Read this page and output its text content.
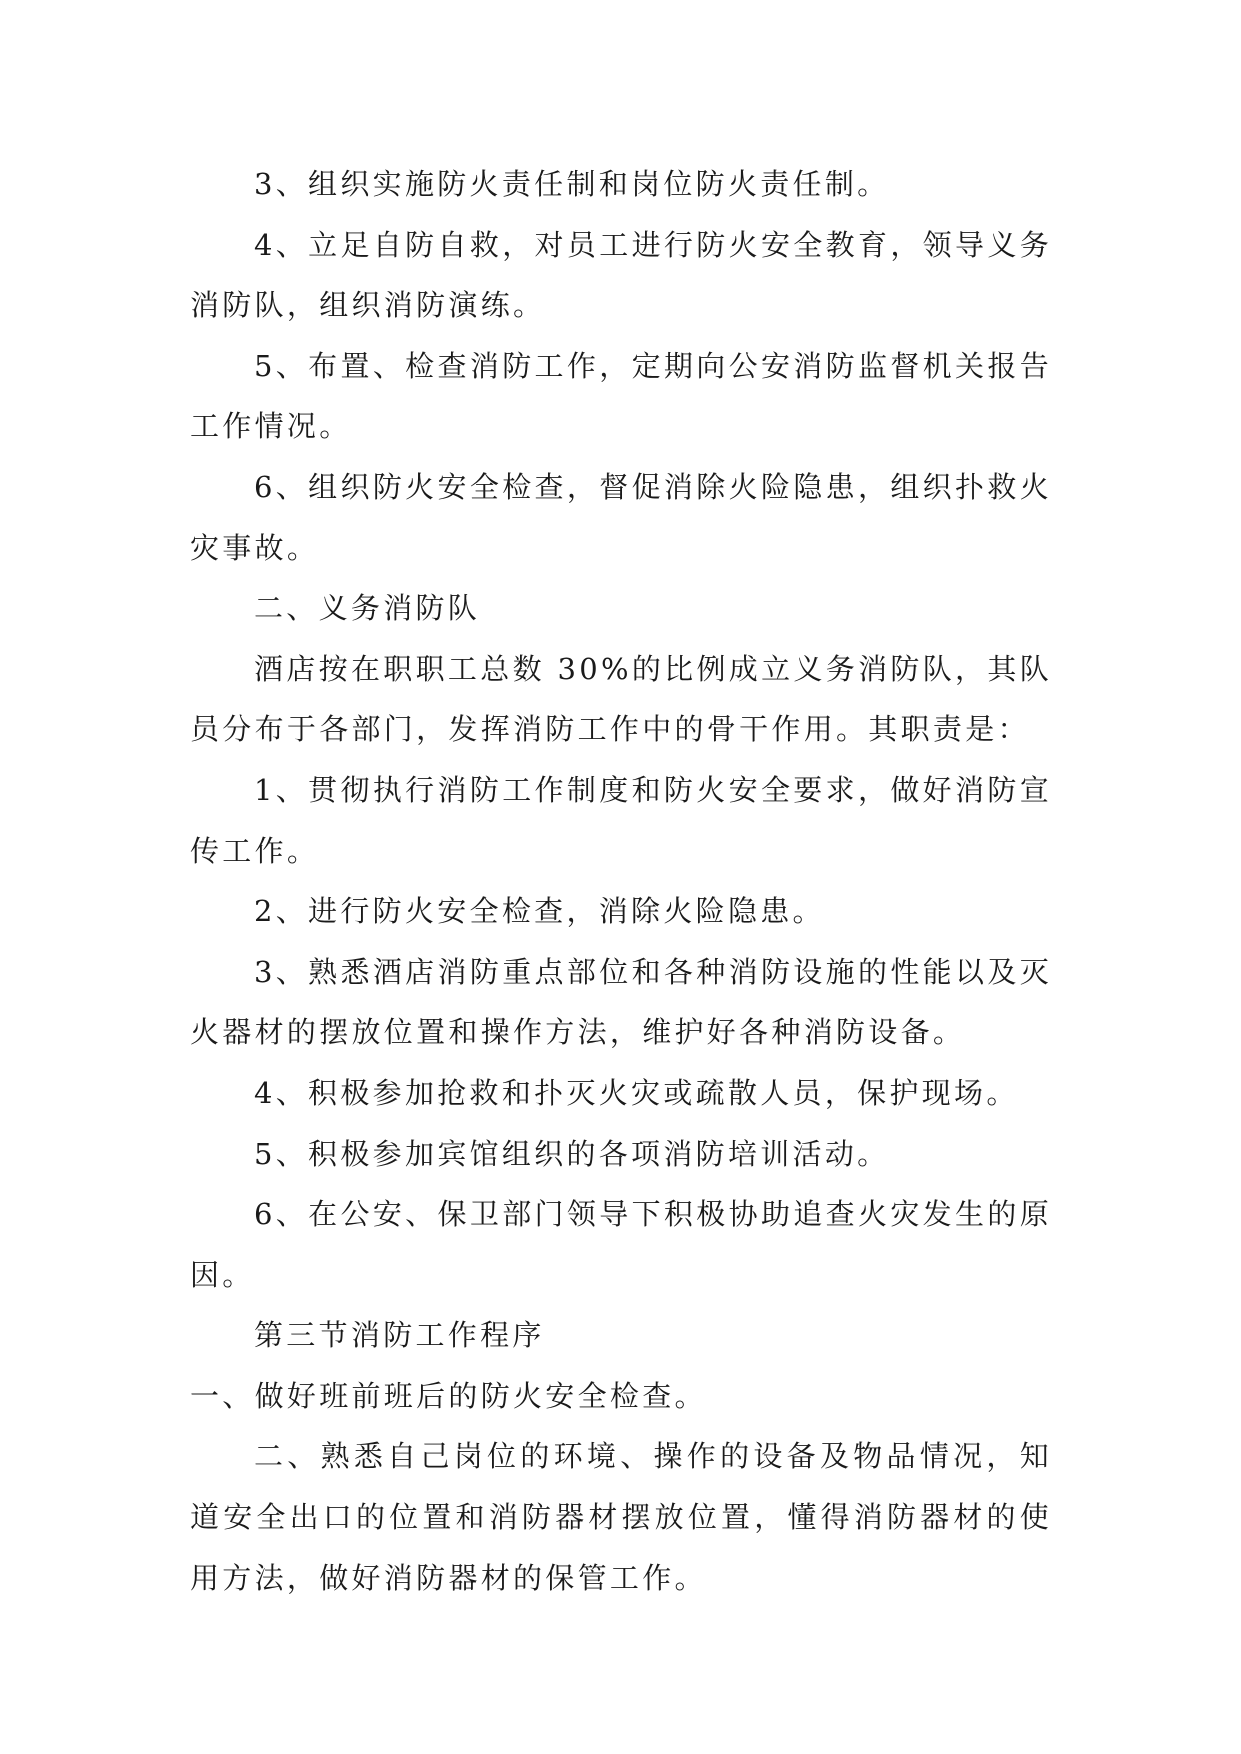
3、组织实施防火责任制和岗位防火责任制。

4、立足自防自救，对员工进行防火安全教育，领导义务消防队，组织消防演练。

5、布置、检查消防工作，定期向公安消防监督机关报告工作情况。

6、组织防火安全检查，督促消除火险隐患，组织扑救火灾事故。

二、义务消防队

酒店按在职职工总数 30%的比例成立义务消防队，其队员分布于各部门，发挥消防工作中的骨干作用。其职责是：

1、贯彻执行消防工作制度和防火安全要求，做好消防宣传工作。

2、进行防火安全检查，消除火险隐患。

3、熟悉酒店消防重点部位和各种消防设施的性能以及灭火器材的摆放位置和操作方法，维护好各种消防设备。

4、积极参加抢救和扑灭火灾或疏散人员，保护现场。

5、积极参加宾馆组织的各项消防培训活动。

6、在公安、保卫部门领导下积极协助追查火灾发生的原因。

第三节消防工作程序

一、做好班前班后的防火安全检查。

二、熟悉自己岗位的环境、操作的设备及物品情况，知道安全出口的位置和消防器材摆放位置，懂得消防器材的使用方法，做好消防器材的保管工作。
